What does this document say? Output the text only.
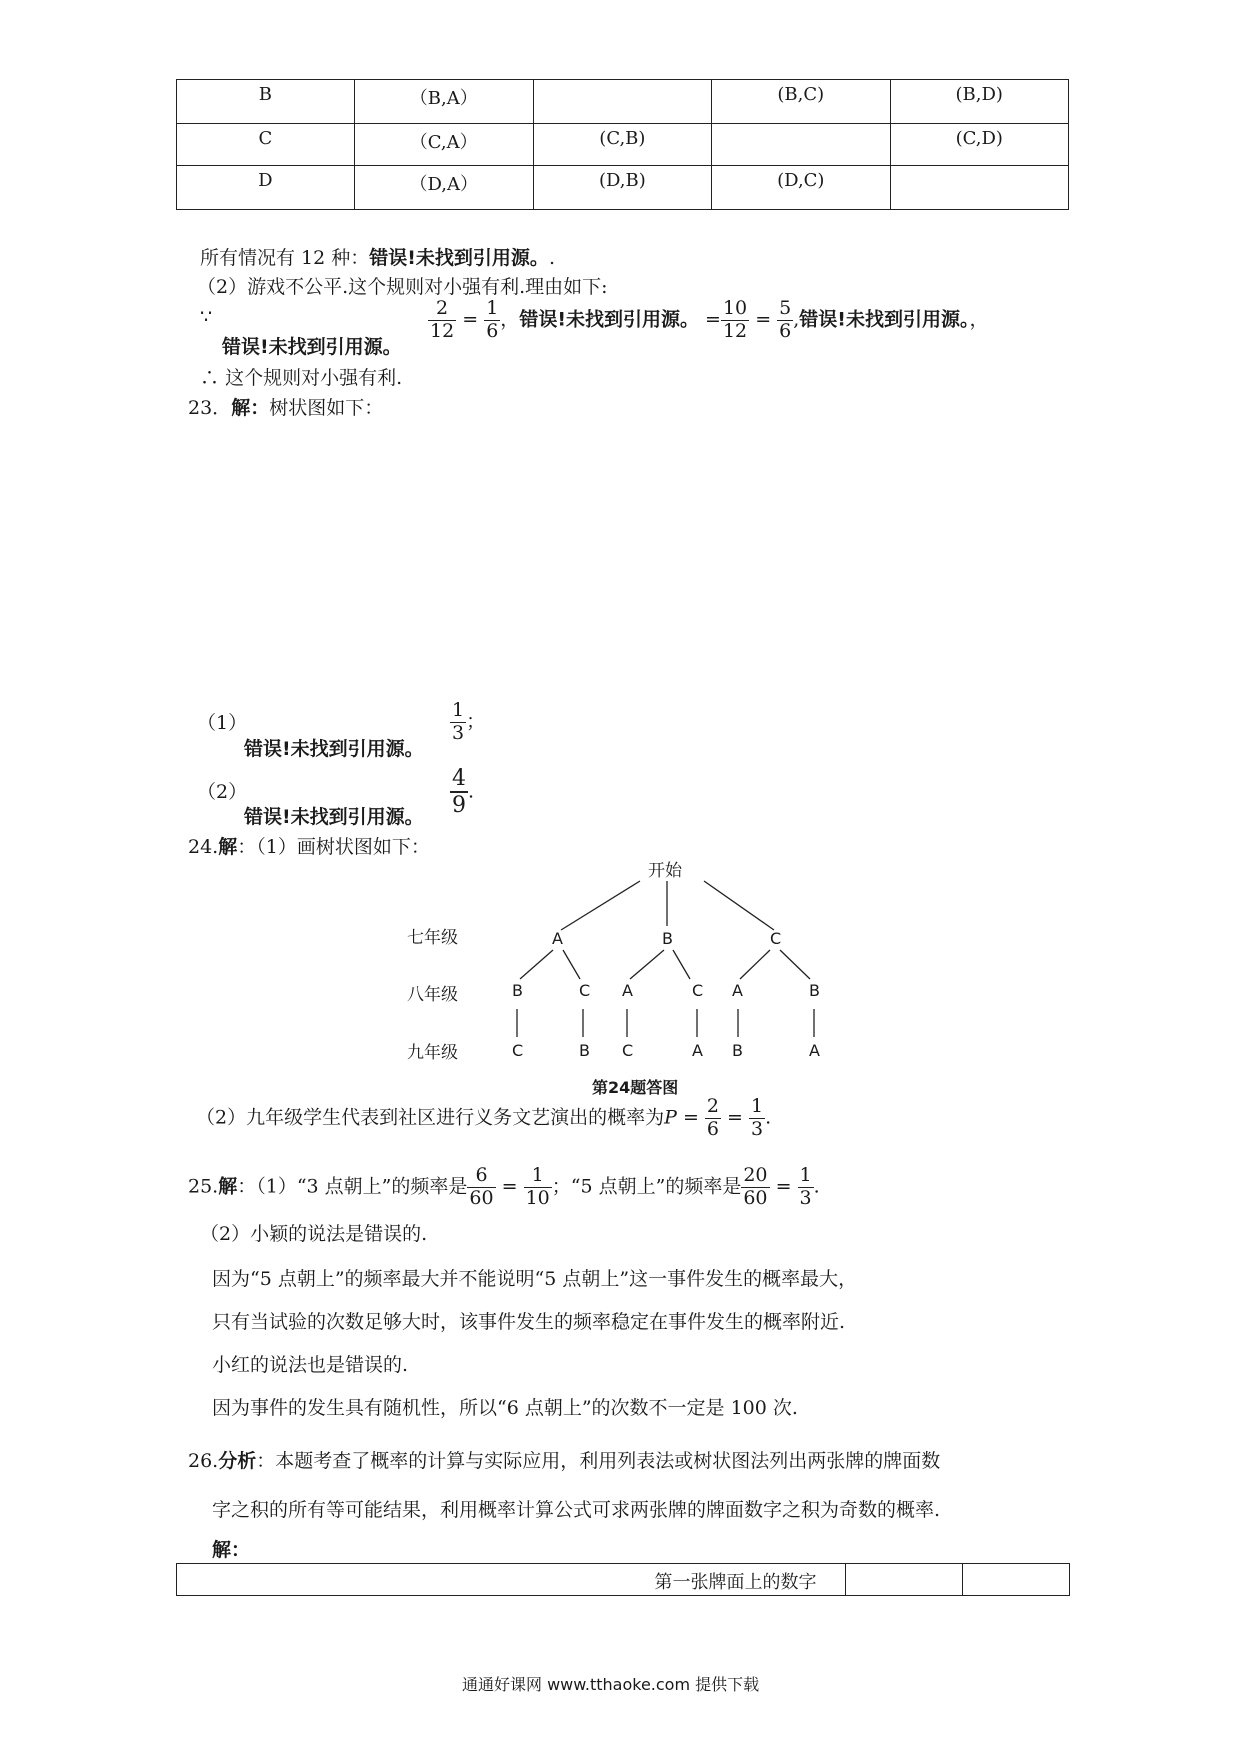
B	（B,A）		(B,C)	(B,D)
C	（C,A）	(C,B)		(C,D)
D	（D,A）	(D,B)	(D,C)	
所有情况有 12 种：错误!未找到引用源。.
（2）游戏不公平.这个规则对小强有利.理由如下:
∵
错误!未找到引用源。
$\frac{2}{12} = \frac{1}{6}$ ，错误!未找到引用源。 = $\frac{10}{12} = \frac{5}{6}$ ,错误!未找到引用源。，
∴ 这个规则对小强有利.
23．解：树状图如下：
（1）
错误!未找到引用源。
$\frac{1}{3}$ ；
（2）
错误!未找到引用源。 $\frac{4}{9}$ .
24.解：（1）画树状图如下：
开始
七年级
八年级
九年级
A	B	C
B	C A	C A	B
C	B C	A B	A
第24题答图
（2）九年级学生代表到社区进行义务文艺演出的概率为$P = \frac{2}{6} = \frac{1}{3}$ .
25.解：（1）“3 点朝上”的频率是 $\frac{6}{60} = \frac{1}{10}$ ；“5 点朝上”的频率是 $\frac{20}{60} = \frac{1}{3}$ .
（2）小颖的说法是错误的.
因为“5 点朝上”的频率最大并不能说明“5 点朝上”这一事件发生的概率最大，
只有当试验的次数足够大时，该事件发生的频率稳定在事件发生的概率附近.
小红的说法也是错误的.
因为事件的发生具有随机性，所以“6 点朝上”的次数不一定是 100 次.
26.分析：本题考查了概率的计算与实际应用，利用列表法或树状图法列出两张牌的牌面数
字之积的所有等可能结果，利用概率计算公式可求两张牌的牌面数字之积为奇数的概率.
解：
第一张牌面上的数字		
通通好课网 www.tthaoke.com 提供下载
